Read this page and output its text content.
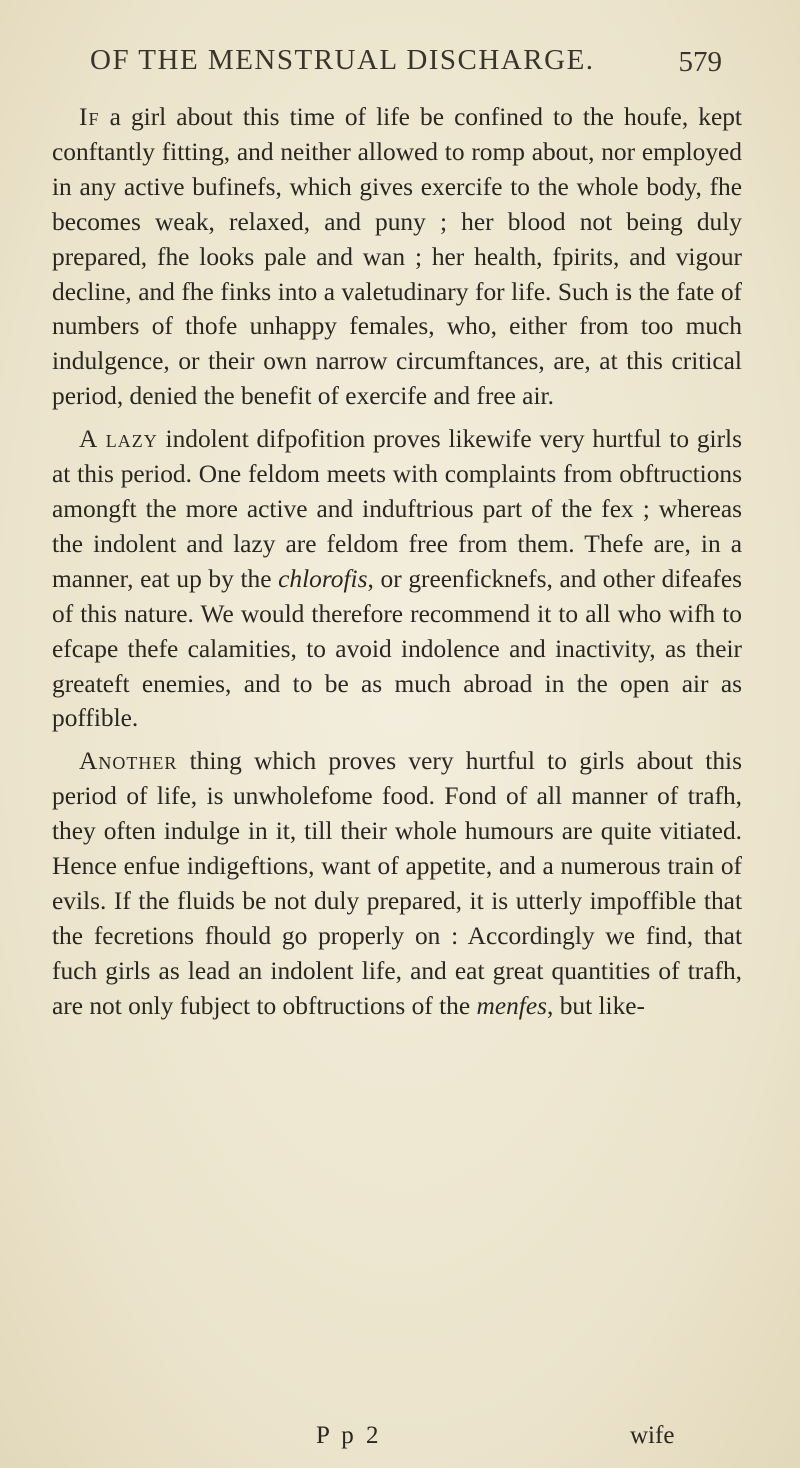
OF THE MENSTRUAL DISCHARGE.	579

If a girl about this time of life be confined to the houfe, kept conftantly fitting, and neither allowed to romp about, nor employed in any active bufinefs, which gives exercife to the whole body, fhe becomes weak, relaxed, and puny ; her blood not being duly prepared, fhe looks pale and wan ; her health, fpirits, and vigour decline, and fhe finks into a valetudinary for life. Such is the fate of numbers of thofe unhappy females, who, either from too much indulgence, or their own narrow circumftances, are, at this critical period, denied the benefit of exercife and free air.

A lazy indolent difpofition proves likewife very hurtful to girls at this period. One feldom meets with complaints from obftructions amongft the more active and induftrious part of the fex ; whereas the indolent and lazy are feldom free from them. Thefe are, in a manner, eat up by the chlorofis, or greenficknefs, and other difeafes of this nature. We would therefore recommend it to all who wifh to efcape thefe calamities, to avoid indolence and inactivity, as their greateft enemies, and to be as much abroad in the open air as poffible.

Another thing which proves very hurtful to girls about this period of life, is unwholefome food. Fond of all manner of trafh, they often indulge in it, till their whole humours are quite vitiated. Hence enfue indigeftions, want of appetite, and a numerous train of evils. If the fluids be not duly prepared, it is utterly impoffible that the fecretions fhould go properly on : Accordingly we find, that fuch girls as lead an indolent life, and eat great quantities of trafh, are not only fubject to obftructions of the menfes, but like-

P p 2	wife
